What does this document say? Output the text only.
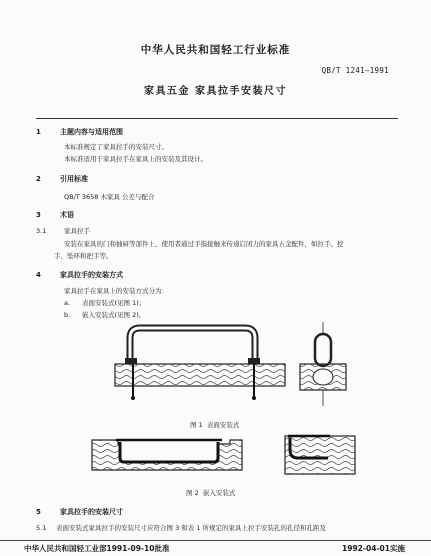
中华人民共和国轻工行业标准
QB/T 1241—1991
家具五金 家具拉手安装尺寸
1	主题内容与适用范围
本标准规定了家具拉手的安装尺寸。
本标准适用于家具拉手在家具上的安装及其设计。
2	引用标准
QB/T 3658 木家具 公差与配合
3	术语
3.1	家具拉手
安装在家具的门和抽屉等部件上，使用者通过手指接触来传递启闭力的家具五金配件，如拉手、挖
手、坠环和把手等。
4	家具拉手的安装方式
家具拉手在家具上的安装方式分为：
a. 表面安装式(见图 1)；
b. 嵌入安装式(见图 2)。
图 1 表面安装式
图 2 嵌入安装式
5	家具拉手的安装尺寸
5.1 表面安装式家具拉手的安装尺寸应符合图 3 和表 1 所规定的家具上拉手安装孔的孔径和孔距及
中华人民共和国轻工业部1991-09-10批准	1992-04-01实施
